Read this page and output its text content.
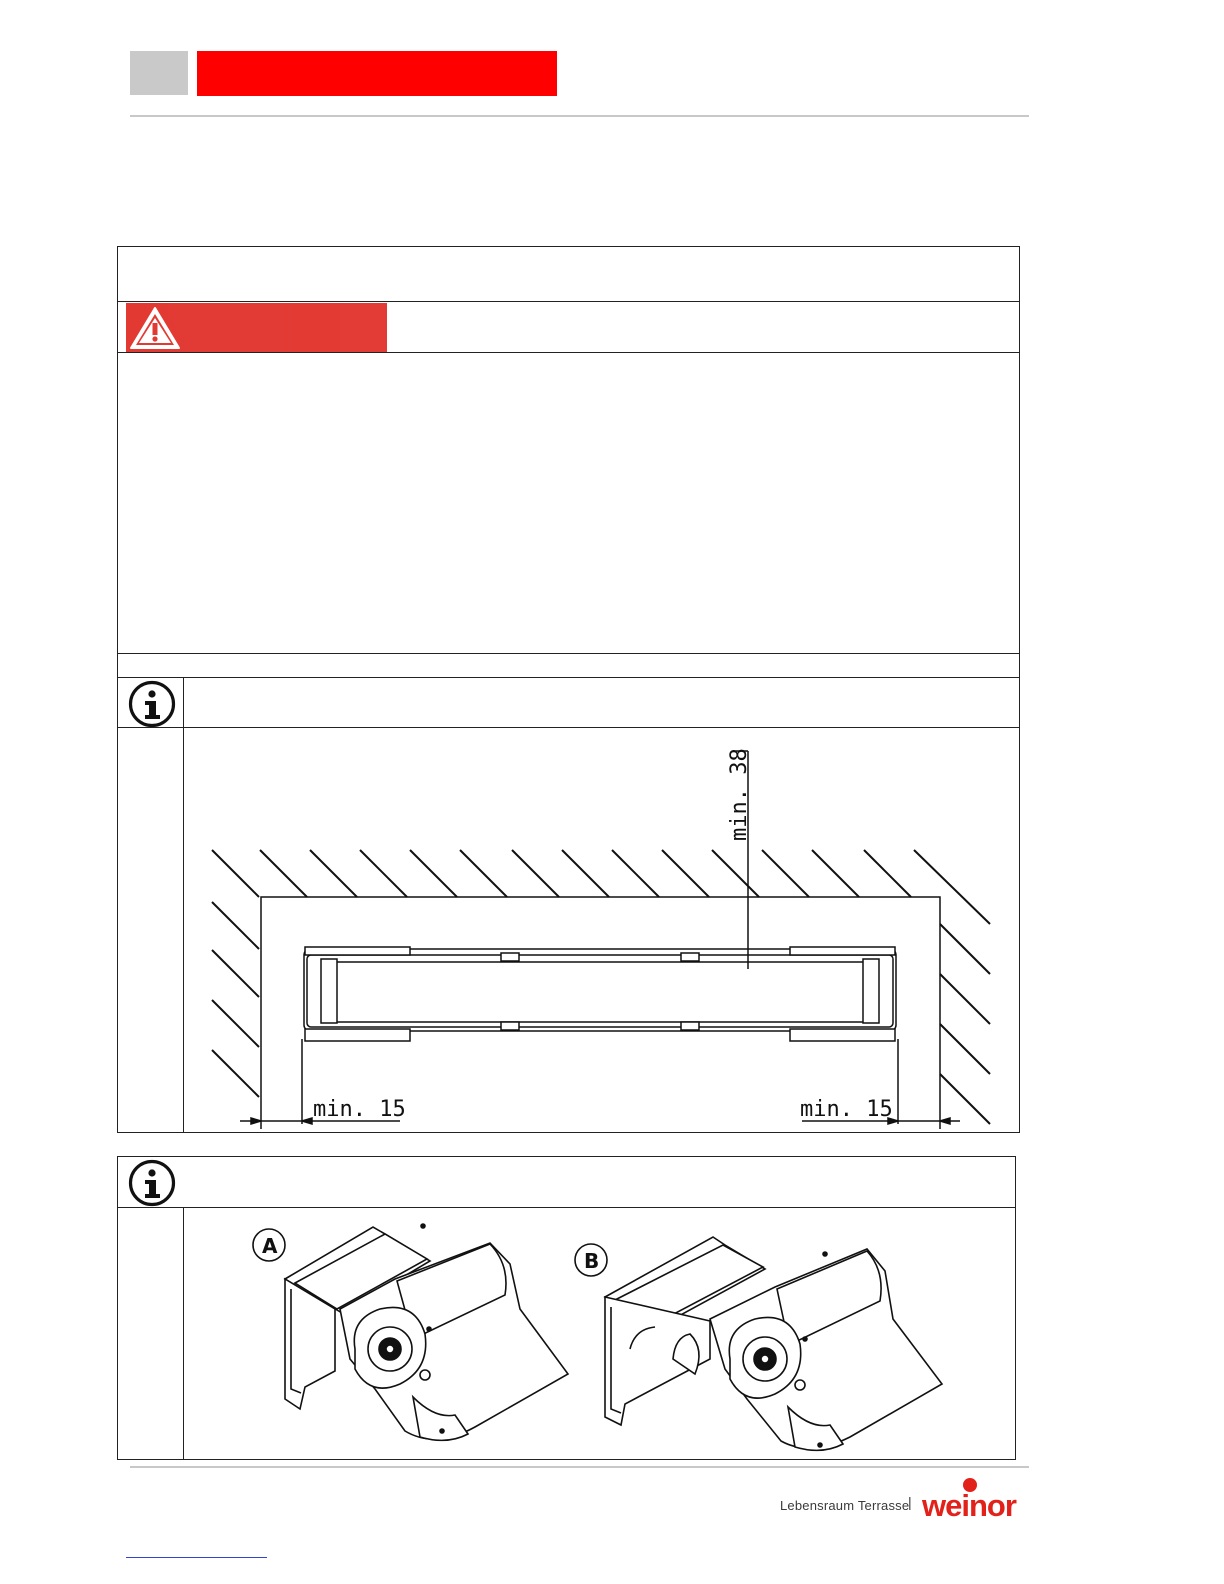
min. 38
min. 15	min. 15
A
B
Lebensraum Terrasse
| weinor
